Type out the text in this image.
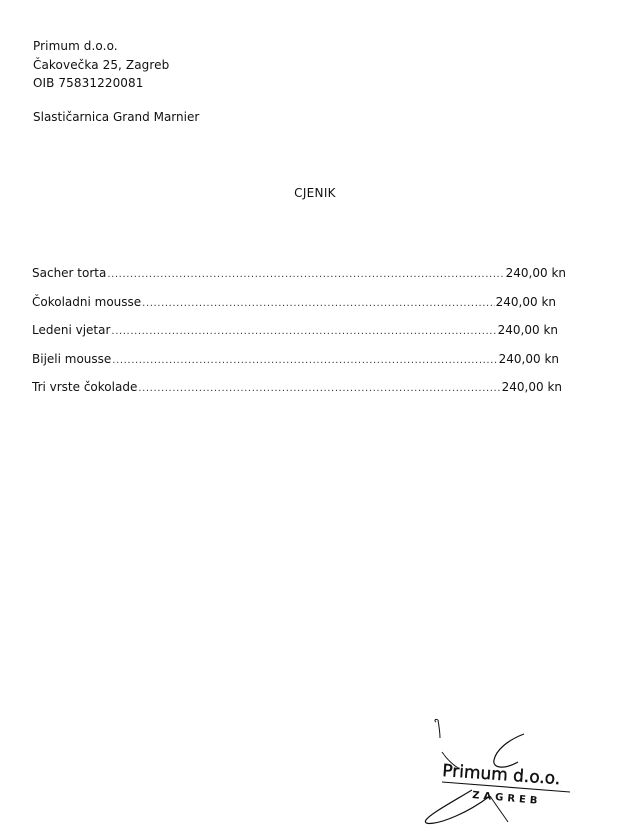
Primum d.o.o.
Čakovečka 25, Zagreb
OIB 75831220081
Slastičarnica Grand Marnier
CJENIK
Sacher torta .....	240,00 kn
Čokoladni mousse .....	240,00 kn
Ledeni vjetar .....	240,00 kn
Bijeli mousse .....	240,00 kn
Tri vrste čokolade .....	240,00 kn
Primum d.o.o.
ZAGREB
